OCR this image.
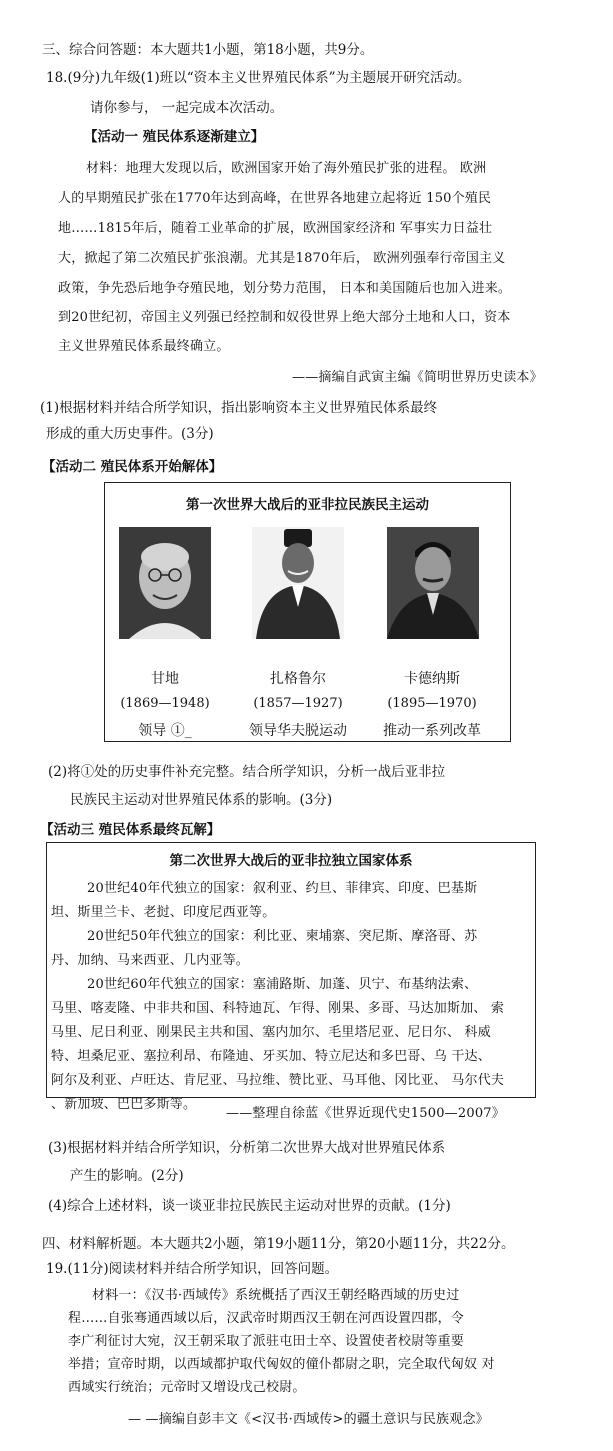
三、综合问答题：本大题共1小题，第18小题，共9分。
18.(9分)九年级(1)班以“资本主义世界殖民体系”为主题展开研究活动。
请你参与， 一起完成本次活动。
【活动一 殖民体系逐渐建立】
材料：地理大发现以后，欧洲国家开始了海外殖民扩张的进程。 欧洲
人的早期殖民扩张在1770年达到高峰，在世界各地建立起将近 150个殖民
地……1815年后，随着工业革命的扩展，欧洲国家经济和 军事实力日益壮
大，掀起了第二次殖民扩张浪潮。尤其是1870年后， 欧洲列强奉行帝国主义
政策，争先恐后地争夺殖民地，划分势力范围， 日本和美国随后也加入进来。
到20世纪初，帝国主义列强已经控制和奴役世界上绝大部分土地和人口，资本
主义世界殖民体系最终确立。
——摘编自武寅主编《简明世界历史读本》
(1)根据材料并结合所学知识，指出影响资本主义世界殖民体系最终
形成的重大历史事件。(3分)
【活动二 殖民体系开始解体】
第一次世界大战后的亚非拉民族民主运动
甘地	扎格鲁尔	卡德纳斯
(1869—1948)	(1857—1927)	(1895—1970)
领导 ①_	领导华夫脱运动	推动一系列改革
(2)将①处的历史事件补充完整。结合所学知识，分析一战后亚非拉
民族民主运动对世界殖民体系的影响。(3分)
【活动三 殖民体系最终瓦解】
第二次世界大战后的亚非拉独立国家体系
20世纪40年代独立的国家：叙利亚、约旦、菲律宾、印度、巴基斯
坦、斯里兰卡、老挝、印度尼西亚等。
20世纪50年代独立的国家：利比亚、柬埔寨、突尼斯、摩洛哥、苏
丹、加纳、马来西亚、几内亚等。
20世纪60年代独立的国家：塞浦路斯、加蓬、贝宁、布基纳法索、
马里、喀麦隆、中非共和国、科特迪瓦、乍得、刚果、多哥、马达加斯加、 索
马里、尼日利亚、刚果民主共和国、塞内加尔、毛里塔尼亚、尼日尔、 科威
特、坦桑尼亚、塞拉利昂、布隆迪、牙买加、特立尼达和多巴哥、乌 干达、
阿尔及利亚、卢旺达、肯尼亚、马拉维、赞比亚、马耳他、冈比亚、 马尔代夫
、新加坡、巴巴多斯等。
——整理自徐蓝《世界近现代史1500—2007》
(3)根据材料并结合所学知识，分析第二次世界大战对世界殖民体系
产生的影响。(2分)
(4)综合上述材料，谈一谈亚非拉民族民主运动对世界的贡献。(1分)
四、材料解析题。本大题共2小题，第19小题11分，第20小题11分，共22分。
19.(11分)阅读材料并结合所学知识，回答问题。
材料一：《汉书·西域传》系统概括了西汉王朝经略西域的历史过
程……自张骞通西域以后，汉武帝时期西汉王朝在河西设置四郡，令
李广利征讨大宛，汉王朝采取了派驻屯田士卒、设置使者校尉等重要
举措；宣帝时期，以西域都护取代匈奴的僮仆都尉之职，完全取代匈奴 对
西域实行统治；元帝时又增设戊己校尉。
— —摘编自彭丰文《<汉书·西域传>的疆土意识与民族观念》
